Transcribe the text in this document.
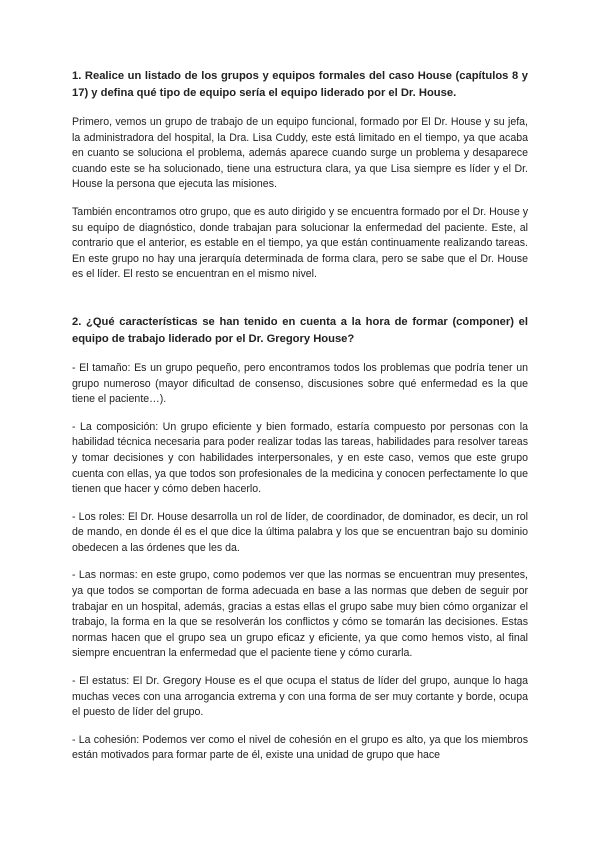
1. Realice un listado de los grupos y equipos formales del caso House (capítulos 8 y 17) y defina qué tipo de equipo sería el equipo liderado por el Dr. House.

Primero, vemos un grupo de trabajo de un equipo funcional, formado por El Dr. House y su jefa, la administradora del hospital, la Dra. Lisa Cuddy, este está limitado en el tiempo, ya que acaba en cuanto se soluciona el problema, además aparece cuando surge un problema y desaparece cuando este se ha solucionado, tiene una estructura clara, ya que Lisa siempre es líder y el Dr. House la persona que ejecuta las misiones.

También encontramos otro grupo, que es auto dirigido y se encuentra formado por el Dr. House y su equipo de diagnóstico, donde trabajan para solucionar la enfermedad del paciente. Este, al contrario que el anterior, es estable en el tiempo, ya que están continuamente realizando tareas. En este grupo no hay una jerarquía determinada de forma clara, pero se sabe que el Dr. House es el líder. El resto se encuentran en el mismo nivel.

2. ¿Qué características se han tenido en cuenta a la hora de formar (componer) el equipo de trabajo liderado por el Dr. Gregory House?

- El tamaño: Es un grupo pequeño, pero encontramos todos los problemas que podría tener un grupo numeroso (mayor dificultad de consenso, discusiones sobre qué enfermedad es la que tiene el paciente…).

- La composición: Un grupo eficiente y bien formado, estaría compuesto por personas con la habilidad técnica necesaria para poder realizar todas las tareas, habilidades para resolver tareas y tomar decisiones y con habilidades interpersonales, y en este caso, vemos que este grupo cuenta con ellas, ya que todos son profesionales de la medicina y conocen perfectamente lo que tienen que hacer y cómo deben hacerlo.

- Los roles: El Dr. House desarrolla un rol de líder, de coordinador, de dominador, es decir, un rol de mando, en donde él es el que dice la última palabra y los que se encuentran bajo su dominio obedecen a las órdenes que les da.

- Las normas: en este grupo, como podemos ver que las normas se encuentran muy presentes, ya que todos se comportan de forma adecuada en base a las normas que deben de seguir por trabajar en un hospital, además, gracias a estas ellas el grupo sabe muy bien cómo organizar el trabajo, la forma en la que se resolverán los conflictos y cómo se tomarán las decisiones. Estas normas hacen que el grupo sea un grupo eficaz y eficiente, ya que como hemos visto, al final siempre encuentran la enfermedad que el paciente tiene y cómo curarla.

- El estatus: El Dr. Gregory House es el que ocupa el status de líder del grupo, aunque lo haga muchas veces con una arrogancia extrema y con una forma de ser muy cortante y borde, ocupa el puesto de líder del grupo.

- La cohesión: Podemos ver como el nivel de cohesión en el grupo es alto, ya que los miembros están motivados para formar parte de él, existe una unidad de grupo que hace
